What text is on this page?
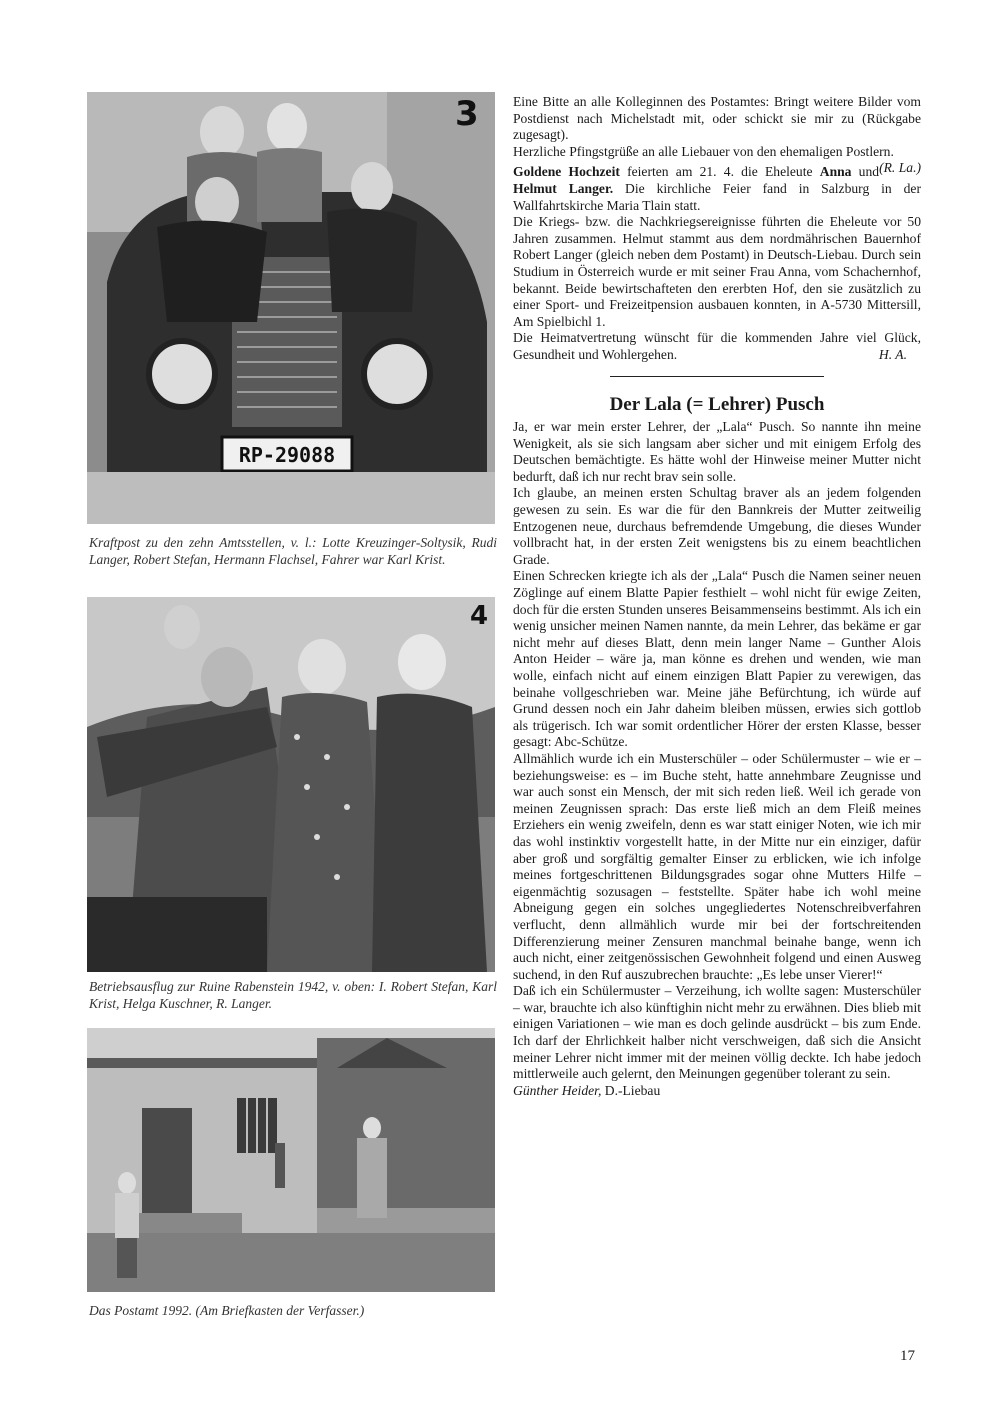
RP-29088
3
Kraftpost zu den zehn Amtsstellen, v. l.: Lotte Kreuzinger-Soltysik, Rudi Langer, Robert Stefan, Hermann Flachsel, Fahrer war Karl Krist.
4
Betriebsausflug zur Ruine Rabenstein 1942, v. oben: I. Robert Stefan, Karl Krist, Helga Kuschner, R. Langer.
Das Postamt 1992. (Am Briefkasten der Verfasser.)

Eine Bitte an alle Kolleginnen des Postamtes: Bringt weitere Bilder vom Postdienst nach Michelstadt mit, oder schickt sie mir zu (Rückgabe zugesagt).

Herzliche Pfingstgrüße an alle Liebauer von den ehemaligen Postlern.
(R. La.)

Goldene Hochzeit feierten am 21. 4. die Eheleute Anna und Helmut Langer. Die kirchliche Feier fand in Salzburg in der Wallfahrtskirche Maria Tlain statt.

Die Kriegs- bzw. die Nachkriegsereignisse führten die Eheleute vor 50 Jahren zusammen. Helmut stammt aus dem nordmährischen Bauernhof Robert Langer (gleich neben dem Postamt) in Deutsch-Liebau. Durch sein Studium in Österreich wurde er mit seiner Frau Anna, vom Schachernhof, bekannt. Beide bewirtschafteten den ererbten Hof, den sie zusätzlich zu einer Sport- und Freizeitpension ausbauen konnten, in A-5730 Mittersill, Am Spielbichl 1.

Die Heimatvertretung wünscht für die kommenden Jahre viel Glück, Gesundheit und Wohlergehen.	H. A.

Der Lala (= Lehrer) Pusch

Ja, er war mein erster Lehrer, der „Lala“ Pusch. So nannte ihn meine Wenigkeit, als sie sich langsam aber sicher und mit einigem Erfolg des Deutschen bemächtigte. Es hätte wohl der Hinweise meiner Mutter nicht bedurft, daß ich nur recht brav sein solle.

Ich glaube, an meinen ersten Schultag braver als an jedem folgenden gewesen zu sein. Es war die für den Bannkreis der Mutter zeitweilig Entzogenen neue, durchaus befremdende Umgebung, die dieses Wunder vollbracht hat, in der ersten Zeit wenigstens bis zu einem beachtlichen Grade.

Einen Schrecken kriegte ich als der „Lala“ Pusch die Namen seiner neuen Zöglinge auf einem Blatte Papier festhielt – wohl nicht für ewige Zeiten, doch für die ersten Stunden unseres Beisammenseins bestimmt. Als ich ein wenig unsicher meinen Namen nannte, da mein Lehrer, das bekäme er gar nicht mehr auf dieses Blatt, denn mein langer Name – Gunther Alois Anton Heider – wäre ja, man könne es drehen und wenden, wie man wolle, einfach nicht auf einem einzigen Blatt Papier zu verewigen, das beinahe vollgeschrieben war. Meine jähe Befürchtung, ich würde auf Grund dessen noch ein Jahr daheim bleiben müssen, erwies sich gottlob als trügerisch. Ich war somit ordentlicher Hörer der ersten Klasse, besser gesagt: Abc-Schütze.

Allmählich wurde ich ein Musterschüler – oder Schülermuster – wie er – beziehungsweise: es – im Buche steht, hatte annehmbare Zeugnisse und war auch sonst ein Mensch, der mit sich reden ließ. Weil ich gerade von meinen Zeugnissen sprach: Das erste ließ mich an dem Fleiß meines Erziehers ein wenig zweifeln, denn es war statt einiger Noten, wie ich mir das wohl instinktiv vorgestellt hatte, in der Mitte nur ein einziger, dafür aber groß und sorgfältig gemalter Einser zu erblicken, wie ich infolge meines fortgeschrittenen Bildungsgrades sogar ohne Mutters Hilfe – eigenmächtig sozusagen – feststellte. Später habe ich wohl meine Abneigung gegen ein solches ungegliedertes Notenschreibverfahren verflucht, denn allmählich wurde mir bei der fortschreitenden Differenzierung meiner Zensuren manchmal beinahe bange, wenn ich auch nicht, einer zeitgenössischen Gewohnheit folgend und einen Ausweg suchend, in den Ruf auszubrechen brauchte: „Es lebe unser Vierer!“

Daß ich ein Schülermuster – Verzeihung, ich wollte sagen: Musterschüler – war, brauchte ich also künftighin nicht mehr zu erwähnen. Dies blieb mit einigen Variationen – wie man es doch gelinde ausdrückt – bis zum Ende. Ich darf der Ehrlichkeit halber nicht verschweigen, daß sich die Ansicht meiner Lehrer nicht immer mit der meinen völlig deckte. Ich habe jedoch mittlerweile auch gelernt, den Meinungen gegenüber tolerant zu sein.

Günther Heider, D.-Liebau

17
